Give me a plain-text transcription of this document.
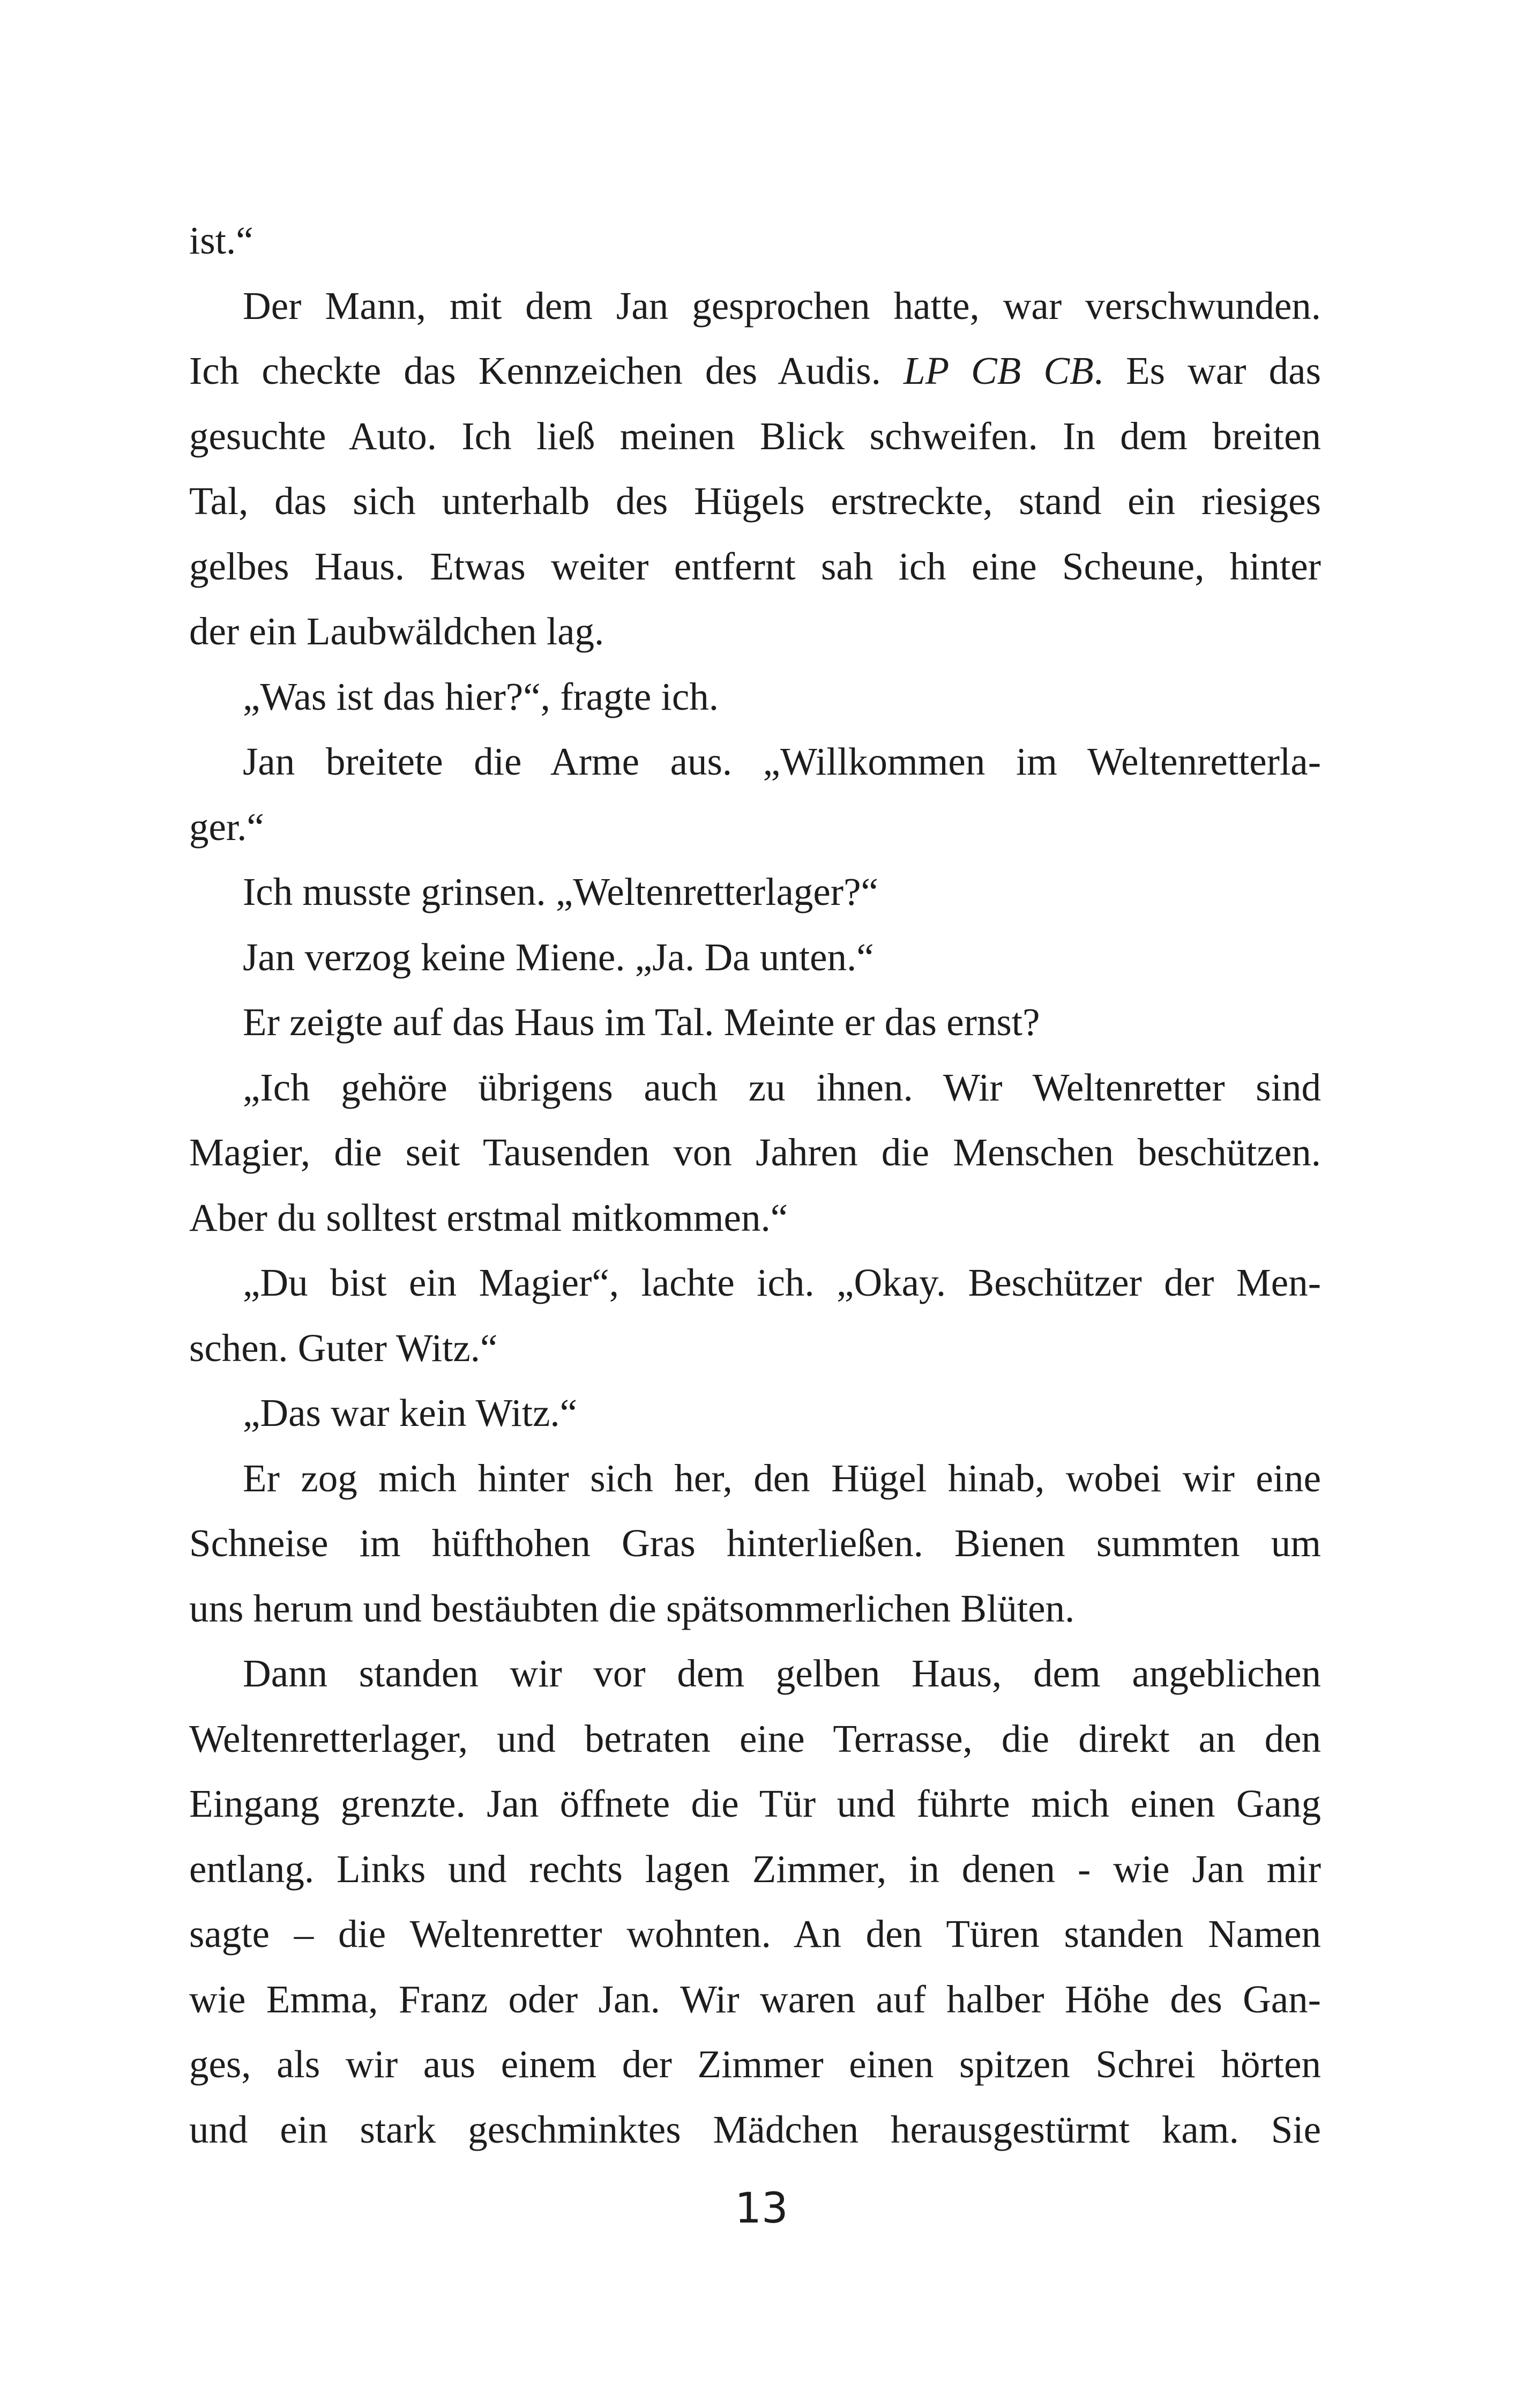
ist.“
Der Mann, mit dem Jan gesprochen hatte, war verschwunden.
Ich checkte das Kennzeichen des Audis. LP CB CB. Es war das
gesuchte Auto. Ich ließ meinen Blick schweifen. In dem breiten
Tal, das sich unterhalb des Hügels erstreckte, stand ein riesiges
gelbes Haus. Etwas weiter entfernt sah ich eine Scheune, hinter
der ein Laubwäldchen lag.
„Was ist das hier?“, fragte ich.
Jan breitete die Arme aus. „Willkommen im Weltenretterla-
ger.“
Ich musste grinsen. „Weltenretterlager?“
Jan verzog keine Miene. „Ja. Da unten.“
Er zeigte auf das Haus im Tal. Meinte er das ernst?
„Ich gehöre übrigens auch zu ihnen. Wir Weltenretter sind
Magier, die seit Tausenden von Jahren die Menschen beschützen.
Aber du solltest erstmal mitkommen.“
„Du bist ein Magier“, lachte ich. „Okay. Beschützer der Men-
schen. Guter Witz.“
„Das war kein Witz.“
Er zog mich hinter sich her, den Hügel hinab, wobei wir eine
Schneise im hüfthohen Gras hinterließen. Bienen summten um
uns herum und bestäubten die spätsommerlichen Blüten.
Dann standen wir vor dem gelben Haus, dem angeblichen
Weltenretterlager, und betraten eine Terrasse, die direkt an den
Eingang grenzte. Jan öffnete die Tür und führte mich einen Gang
entlang. Links und rechts lagen Zimmer, in denen - wie Jan mir
sagte – die Weltenretter wohnten. An den Türen standen Namen
wie Emma, Franz oder Jan. Wir waren auf halber Höhe des Gan-
ges, als wir aus einem der Zimmer einen spitzen Schrei hörten
und ein stark geschminktes Mädchen herausgestürmt kam. Sie
13
